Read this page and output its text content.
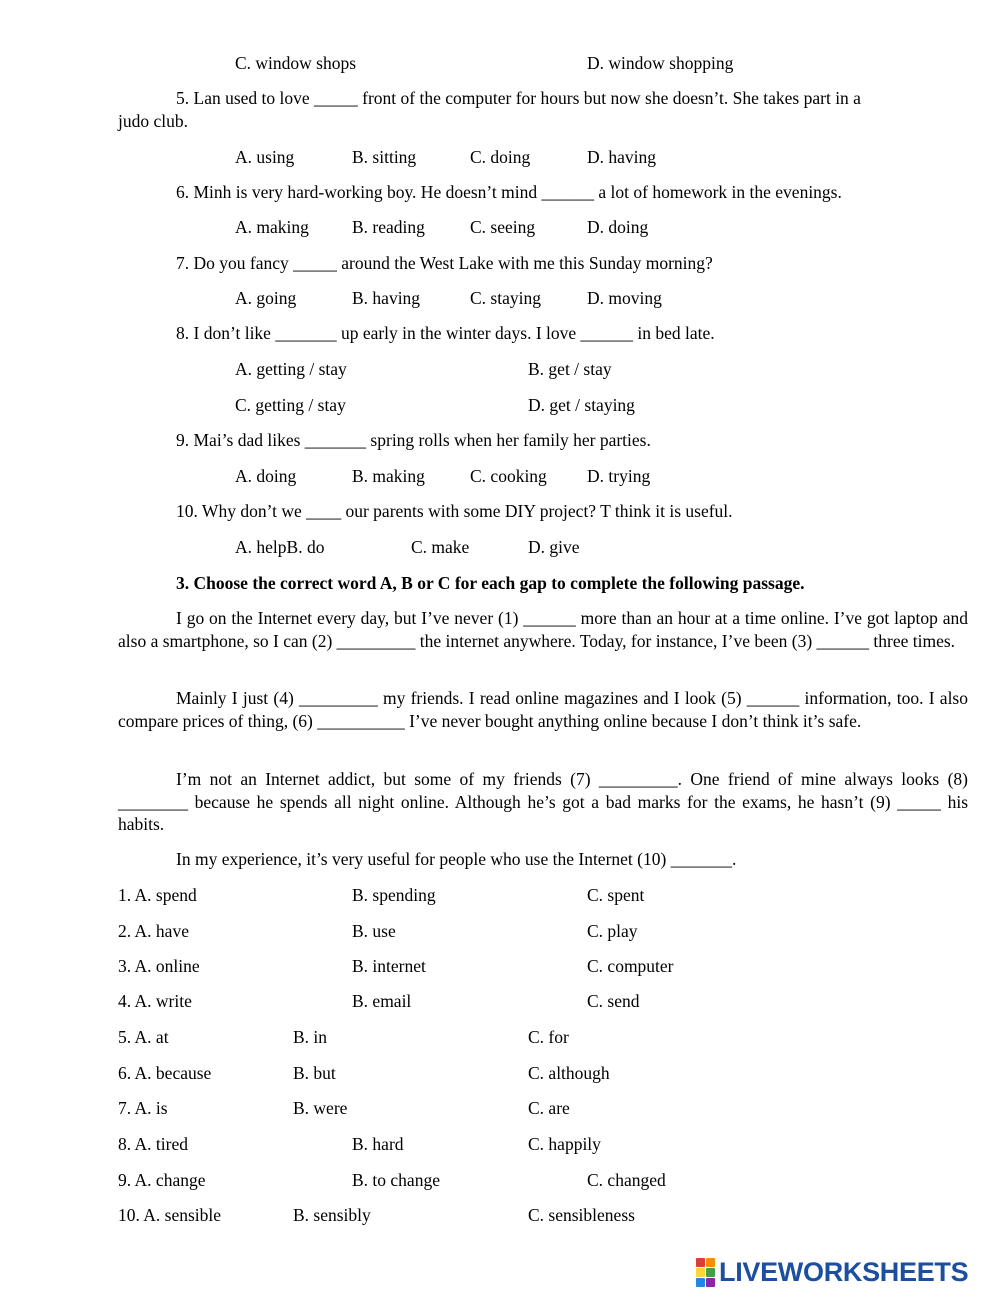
C. window shops	D. window shopping
5. Lan used to love _____ front of the computer for hours but now she doesn’t. She takes part in a
judo club.
A. using	B. sitting	C. doing	D. having
6. Minh is very hard-working boy. He doesn’t mind ______ a lot of homework in the evenings.
A. making B. reading	C. seeing	D. doing
7. Do you fancy _____ around the West Lake with me this Sunday morning?
A. going	B. having	C. staying	D. moving
8. I don’t like _______ up early in the winter days. I love ______ in bed late.
A. getting / stay	B. get / stay
C. getting / stay	D. get / staying
9. Mai’s dad likes _______ spring rolls when her family her parties.
A. doing	B. making	C. cooking D. trying
10. Why don’t we ____ our parents with some DIY project? T think it is useful.
A. helpB. do	C. make	D. give
3. Choose the correct word A, B or C for each gap to complete the following passage.
I go on the Internet every day, but I’ve never (1) ______ more than an hour at a time online. I’ve got laptop and also a smartphone, so I can (2) _________ the internet anywhere. Today, for instance, I’ve been (3) ______ three times.
Mainly I just (4) _________ my friends. I read online magazines and I look (5) ______ information, too. I also compare prices of thing, (6) __________ I’ve never bought anything online because I don’t think it’s safe.
I’m not an Internet addict, but some of my friends (7) _________. One friend of mine always looks (8) ________ because he spends all night online. Although he’s got a bad marks for the exams, he hasn’t (9) _____ his habits.
In my experience, it’s very useful for people who use the Internet (10) _______.
1. A. spend	B. spending	C. spent
2. A. have	B. use	C. play
3. A. online	B. internet	C. computer
4. A. write	B. email	C. send
5. A. at	B. in	C. for
6. A. because	B. but	C. although
7. A. is	B. were	C. are
8. A. tired	B. hard	C. happily
9. A. change	B. to change	C. changed
10. A. sensible	B. sensibly	C. sensibleness
LIVEWORKSHEETS
